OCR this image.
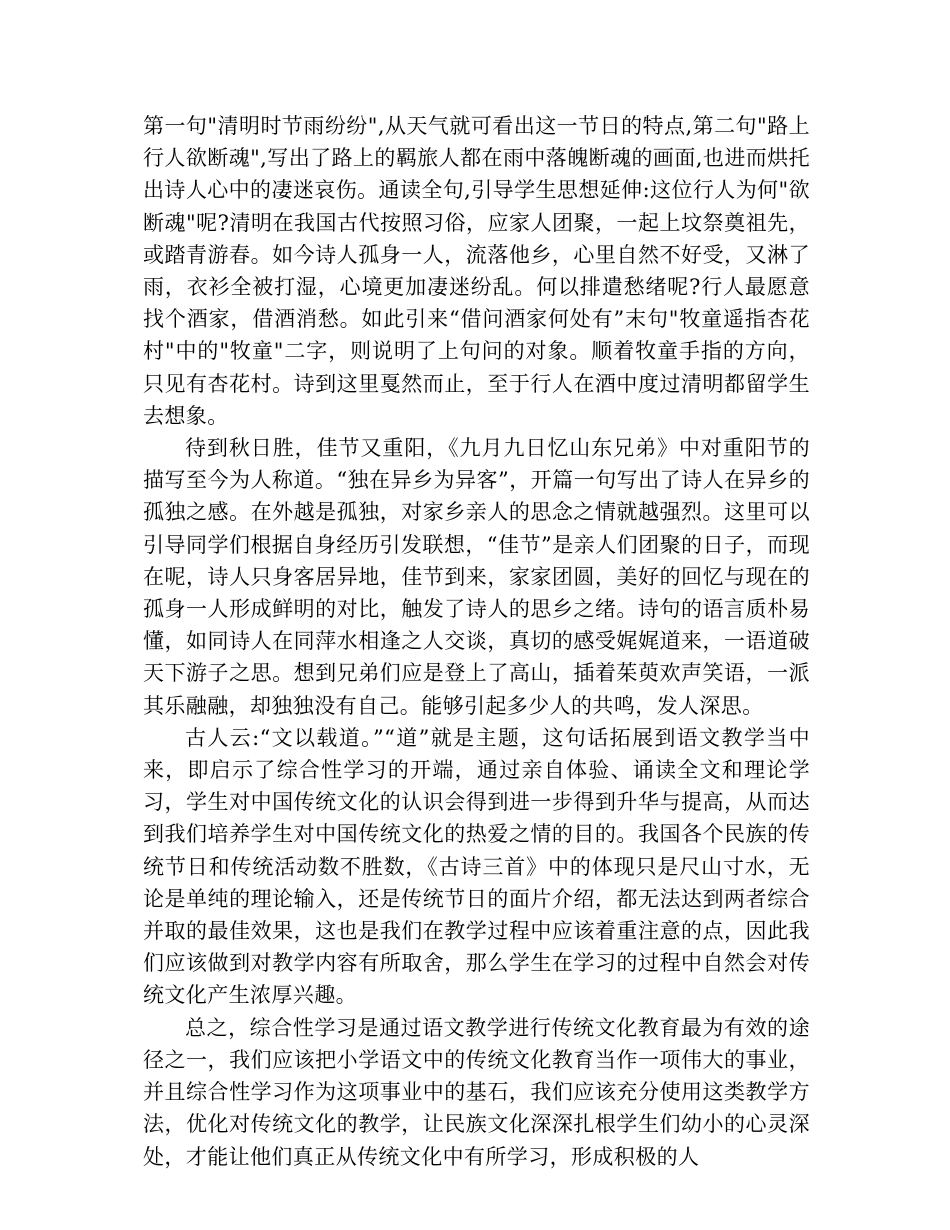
第一句"清明时节雨纷纷",从天气就可看出这一节日的特点,第二句"路上行人欲断魂",写出了路上的羁旅人都在雨中落魄断魂的画面,也进而烘托出诗人心中的凄迷哀伤。通读全句,引导学生思想延伸:这位行人为何"欲断魂"呢?清明在我国古代按照习俗，应家人团聚，一起上坟祭奠祖先，或踏青游春。如今诗人孤身一人，流落他乡，心里自然不好受，又淋了雨，衣衫全被打湿，心境更加凄迷纷乱。何以排遣愁绪呢?行人最愿意找个酒家，借酒消愁。如此引来“借问酒家何处有”末句"牧童遥指杏花村"中的"牧童"二字，则说明了上句问的对象。顺着牧童手指的方向，只见有杏花村。诗到这里戛然而止，至于行人在酒中度过清明都留学生去想象。

待到秋日胜，佳节又重阳，《九月九日忆山东兄弟》中对重阳节的描写至今为人称道。“独在异乡为异客”，开篇一句写出了诗人在异乡的孤独之感。在外越是孤独，对家乡亲人的思念之情就越强烈。这里可以引导同学们根据自身经历引发联想，“佳节”是亲人们团聚的日子，而现在呢，诗人只身客居异地，佳节到来，家家团圆，美好的回忆与现在的孤身一人形成鲜明的对比，触发了诗人的思乡之绪。诗句的语言质朴易懂，如同诗人在同萍水相逢之人交谈，真切的感受娓娓道来，一语道破天下游子之思。想到兄弟们应是登上了高山，插着茱萸欢声笑语，一派其乐融融，却独独没有自己。能够引起多少人的共鸣，发人深思。

古人云:“文以载道。”“道”就是主题，这句话拓展到语文教学当中来，即启示了综合性学习的开端，通过亲自体验、诵读全文和理论学习，学生对中国传统文化的认识会得到进一步得到升华与提高，从而达到我们培养学生对中国传统文化的热爱之情的目的。我国各个民族的传统节日和传统活动数不胜数，《古诗三首》中的体现只是尺山寸水，无论是单纯的理论输入，还是传统节日的面片介绍，都无法达到两者综合并取的最佳效果，这也是我们在教学过程中应该着重注意的点，因此我们应该做到对教学内容有所取舍，那么学生在学习的过程中自然会对传统文化产生浓厚兴趣。

总之，综合性学习是通过语文教学进行传统文化教育最为有效的途径之一，我们应该把小学语文中的传统文化教育当作一项伟大的事业，并且综合性学习作为这项事业中的基石，我们应该充分使用这类教学方法，优化对传统文化的教学，让民族文化深深扎根学生们幼小的心灵深处，才能让他们真正从传统文化中有所学习，形成积极的人
